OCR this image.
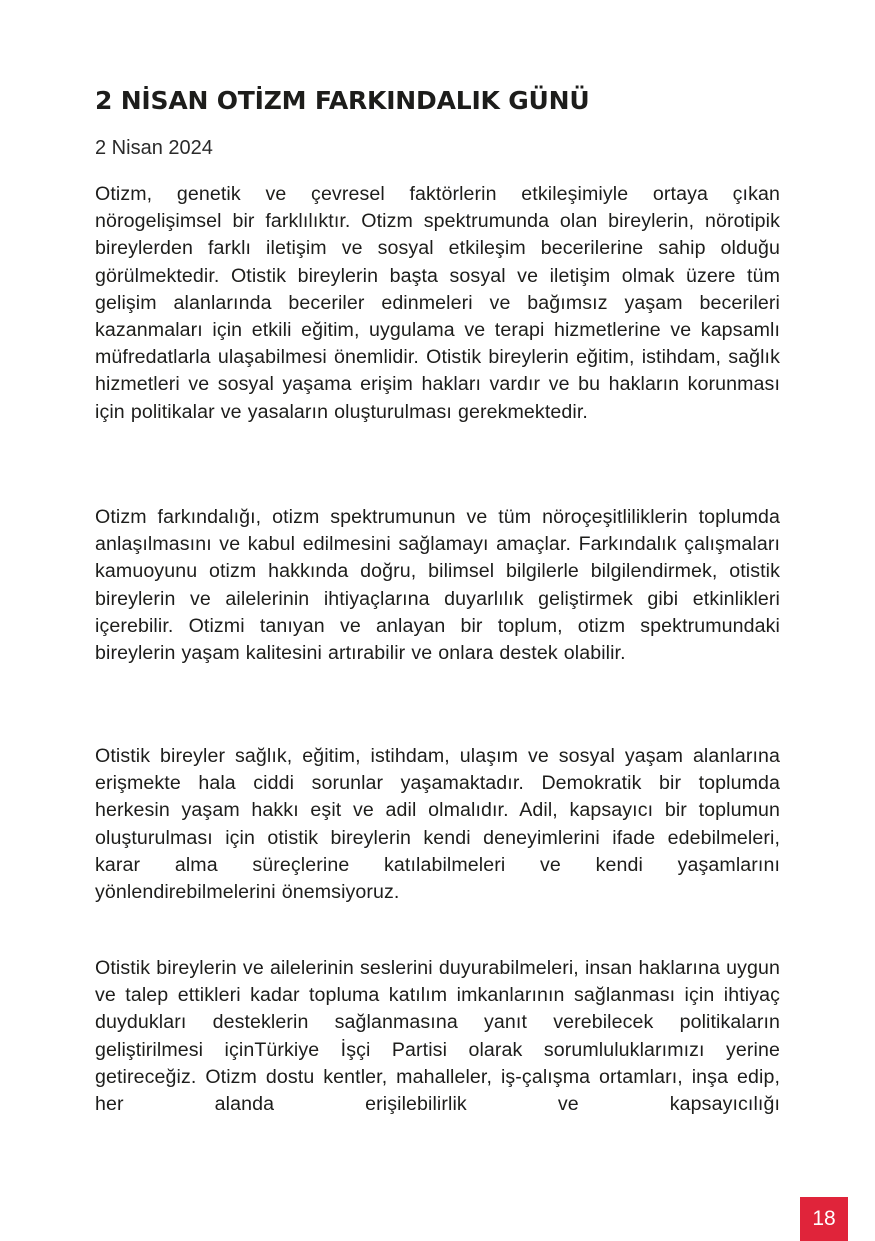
2 NİSAN OTİZM FARKINDALIK GÜNÜ
2 Nisan 2024

Otizm, genetik ve çevresel faktörlerin etkileşimiyle ortaya çıkan nörogelişimsel bir farklılıktır. Otizm spektrumunda olan bireylerin, nörotipik bireylerden farklı iletişim ve sosyal etkileşim becerilerine sahip olduğu görülmektedir. Otistik bireylerin başta sosyal ve iletişim olmak üzere tüm gelişim alanlarında beceriler edinmeleri ve bağımsız yaşam becerileri kazanmaları için etkili eğitim, uygulama ve terapi hizmetlerine ve kapsamlı müfredatlarla ulaşabilmesi önemlidir. Otistik bireylerin eğitim, istihdam, sağlık hizmetleri ve sosyal yaşama erişim hakları vardır ve bu hakların korunması için politikalar ve yasaların oluşturulması gerekmektedir.

Otizm farkındalığı, otizm spektrumunun ve tüm nöroçeşitliliklerin toplumda anlaşılmasını ve kabul edilmesini sağlamayı amaçlar. Farkındalık çalışmaları kamuoyunu otizm hakkında doğru, bilimsel bilgilerle bilgilendirmek, otistik bireylerin ve ailelerinin ihtiyaçlarına duyarlılık geliştirmek gibi etkinlikleri içerebilir. Otizmi tanıyan ve anlayan bir toplum, otizm spektrumundaki bireylerin yaşam kalitesini artırabilir ve onlara destek olabilir.

Otistik bireyler sağlık, eğitim, istihdam, ulaşım ve sosyal yaşam alanlarına erişmekte hala ciddi sorunlar yaşamaktadır. Demokratik bir toplumda herkesin yaşam hakkı eşit ve adil olmalıdır. Adil, kapsayıcı bir toplumun oluşturulması için otistik bireylerin kendi deneyimlerini ifade edebilmeleri, karar alma süreçlerine katılabilmeleri ve kendi yaşamlarını yönlendirebilmelerini önemsiyoruz.

Otistik bireylerin ve ailelerinin seslerini duyurabilmeleri, insan haklarına uygun ve talep ettikleri kadar topluma katılım imkanlarının sağlanması için ihtiyaç duydukları desteklerin sağlanmasına yanıt verebilecek politikaların geliştirilmesi içinTürkiye İşçi Partisi olarak sorumluluklarımızı yerine getireceğiz. Otizm dostu kentler, mahalleler, iş-çalışma ortamları, inşa edip, her alanda erişilebilirlik ve kapsayıcılığı

18
